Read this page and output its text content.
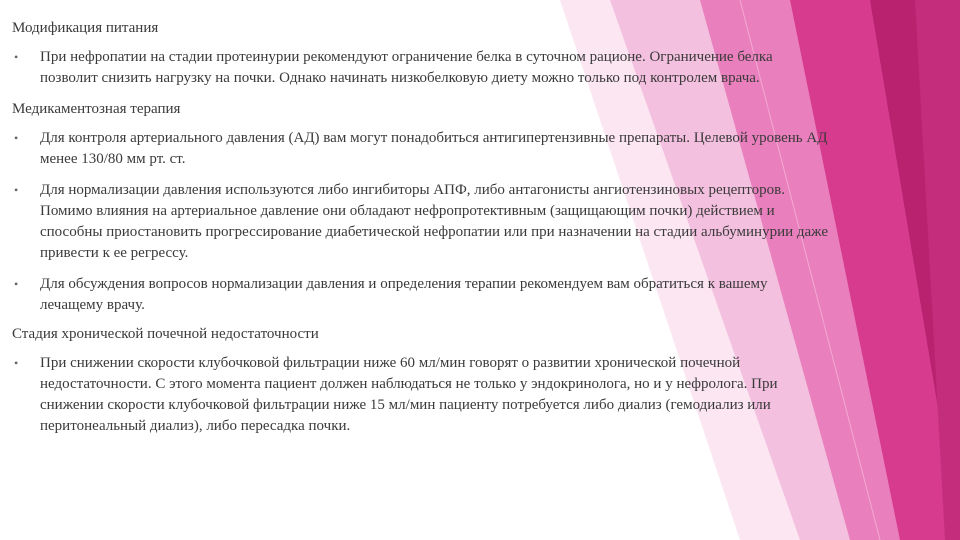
Модификация питания
• При нефропатии на стадии протеинурии рекомендуют ограничение белка в суточном рационе. Ограничение белка позволит снизить нагрузку на почки. Однако начинать низкобелковую диету можно только под контролем врача.
Медикаментозная терапия
• Для контроля артериального давления (АД) вам могут понадобиться антигипертензивные препараты. Целевой уровень АД менее 130/80 мм рт. ст.
• Для нормализации давления используются либо ингибиторы АПФ, либо антагонисты ангиотензиновых рецепторов. Помимо влияния на артериальное давление они обладают нефропротективным (защищающим почки) действием и способны приостановить прогрессирование диабетической нефропатии или при назначении на стадии альбуминурии даже привести к ее регрессу.
• Для обсуждения вопросов нормализации давления и определения терапии рекомендуем вам обратиться к вашему лечащему врачу.
Стадия хронической почечной недостаточности
• При снижении скорости клубочковой фильтрации ниже 60 мл/мин говорят о развитии хронической почечной недостаточности. С этого момента пациент должен наблюдаться не только у эндокринолога, но и у нефролога. При снижении скорости клубочковой фильтрации ниже 15 мл/мин пациенту потребуется либо диализ (гемодиализ или перитонеальный диализ), либо пересадка почки.
